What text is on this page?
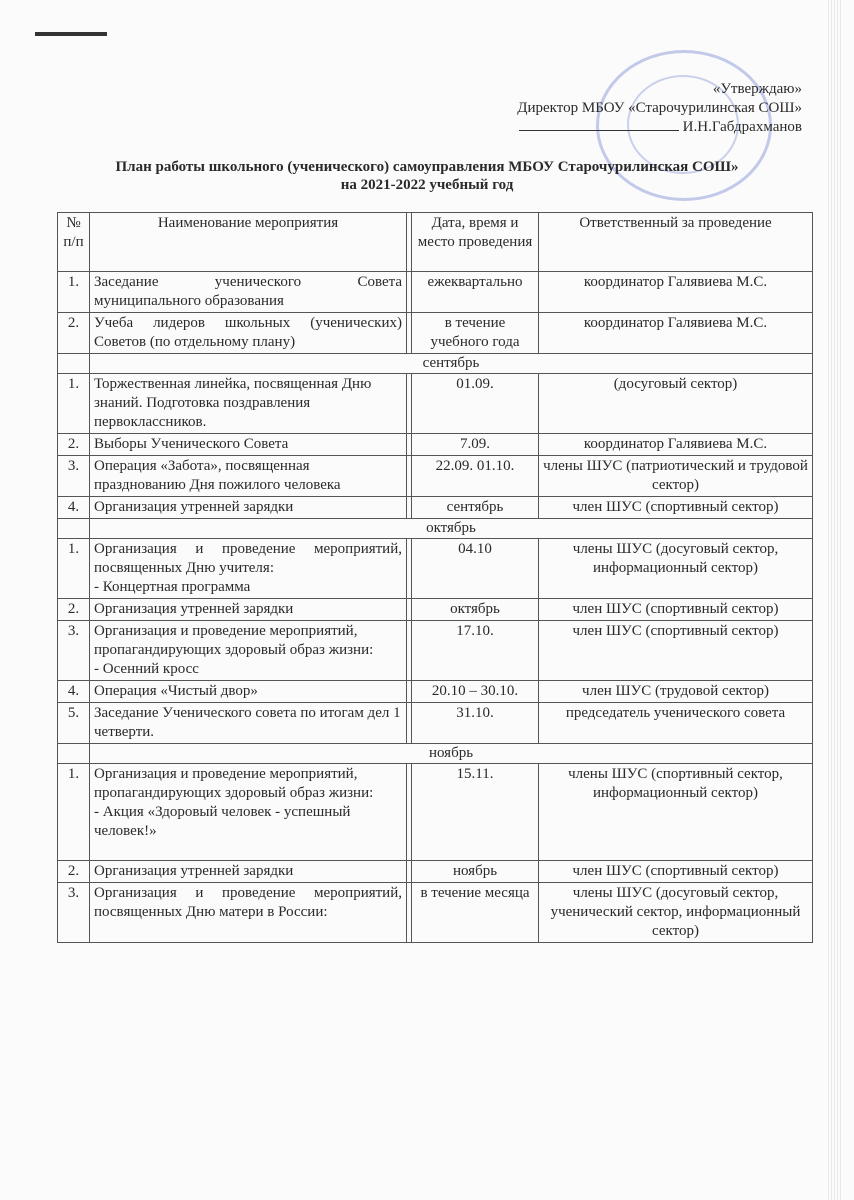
«Утверждаю»
Директор МБОУ «Старочурилинская СОШ»
И.Н.Габдрахманов
План работы школьного (ученического) самоуправления МБОУ Старочурилинская СОШ»
на 2021-2022 учебный год
№ п/п	Наименование мероприятия		Дата, время и место проведения	Ответственный за проведение

1.	Заседание ученического Совета муниципального образования		ежеквартально	координатор Галявиева М.С.

2.	Учеба лидеров школьных (ученических) Советов (по отдельному плану)		в течение учебного года	координатор Галявиева М.С.

	сентябрь			

1.	Торжественная линейка, посвященная Дню знаний. Подготовка поздравления первоклассников.		01.09.	(досуговый сектор)

2.	Выборы Ученического Совета		7.09.	координатор Галявиева М.С.

3.	Операция «Забота», посвященная празднованию Дня пожилого человека		22.09. 01.10.	члены ШУС (патриотический и трудовой сектор)

4.	Организация утренней зарядки		сентябрь	член ШУС (спортивный сектор)

	октябрь			

1.	Организация и проведение мероприятий, посвященных Дню учителя:
- Концертная программа		04.10	члены ШУС (досуговый сектор, информационный сектор)

2.	Организация утренней зарядки		октябрь	член ШУС (спортивный сектор)

3.	Организация и проведение мероприятий, пропагандирующих здоровый образ жизни:
- Осенний кросс		17.10.	член ШУС (спортивный сектор)

4.	Операция «Чистый двор»		20.10 – 30.10.	член ШУС (трудовой сектор)

5.	Заседание Ученического совета по итогам дел 1 четверти.		31.10.	председатель ученического совета

	ноябрь			

1.	Организация и проведение мероприятий, пропагандирующих здоровый образ жизни:
- Акция «Здоровый человек - успешный человек!»		15.11.	члены ШУС (спортивный сектор, информационный сектор)

2.	Организация утренней зарядки		ноябрь	член ШУС (спортивный сектор)

3.	Организация и проведение мероприятий, посвященных Дню матери в России:		в течение месяца	члены ШУС (досуговый сектор, ученический сектор, информационный сектор)
